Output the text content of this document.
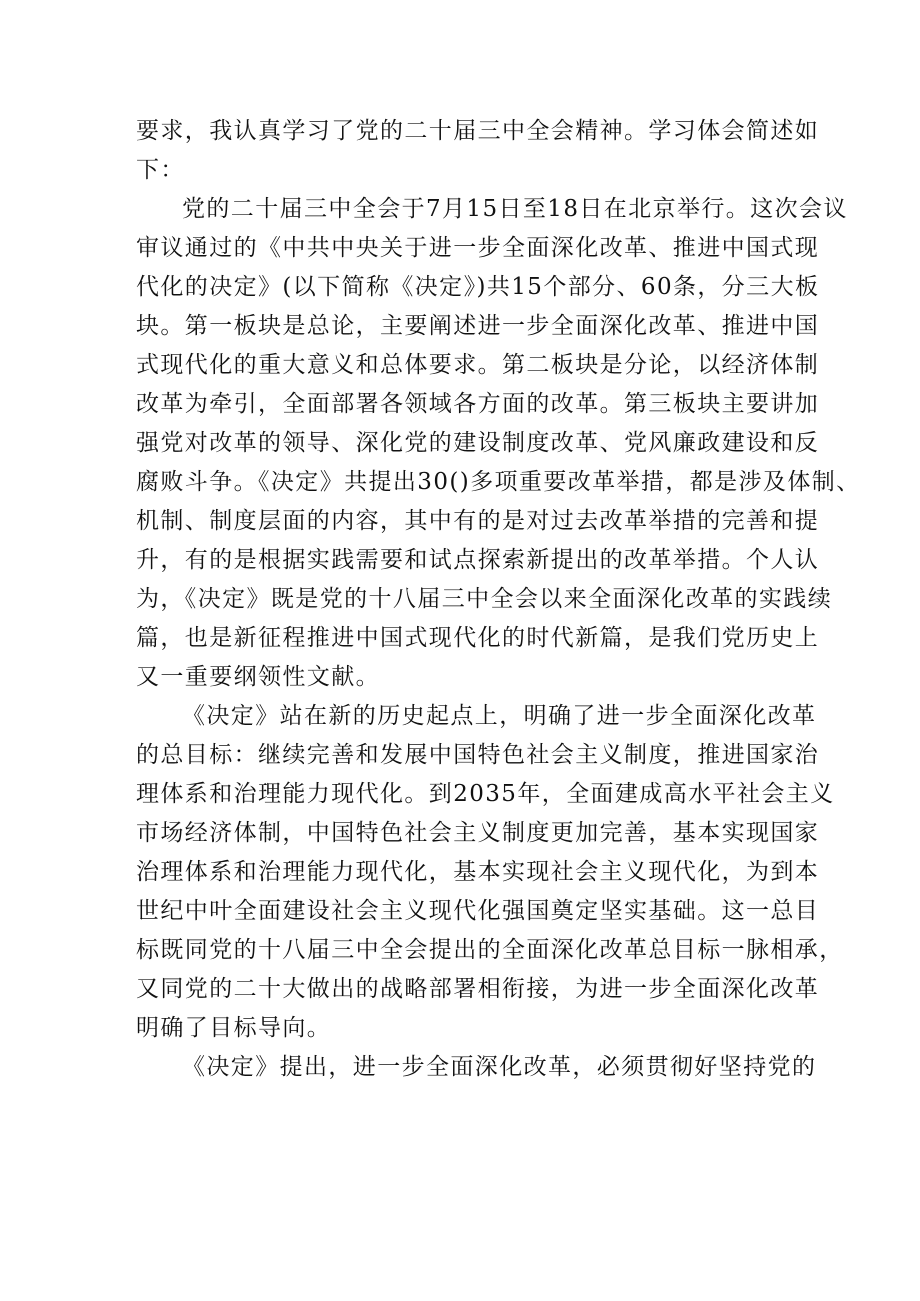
要求，我认真学习了党的二十届三中全会精神。学习体会简述如
下：

党的二十届三中全会于7月15日至18日在北京举行。这次会议
审议通过的《中共中央关于进一步全面深化改革、推进中国式现
代化的决定》(以下简称《决定》)共15个部分、60条，分三大板
块。第一板块是总论，主要阐述进一步全面深化改革、推进中国
式现代化的重大意义和总体要求。第二板块是分论，以经济体制
改革为牵引，全面部署各领域各方面的改革。第三板块主要讲加
强党对改革的领导、深化党的建设制度改革、党风廉政建设和反
腐败斗争。《决定》共提出30()多项重要改革举措，都是涉及体制、
机制、制度层面的内容，其中有的是对过去改革举措的完善和提
升，有的是根据实践需要和试点探索新提出的改革举措。个人认
为，《决定》既是党的十八届三中全会以来全面深化改革的实践续
篇，也是新征程推进中国式现代化的时代新篇，是我们党历史上
又一重要纲领性文献。

《决定》站在新的历史起点上，明确了进一步全面深化改革
的总目标：继续完善和发展中国特色社会主义制度，推进国家治
理体系和治理能力现代化。到2035年，全面建成高水平社会主义
市场经济体制，中国特色社会主义制度更加完善，基本实现国家
治理体系和治理能力现代化，基本实现社会主义现代化，为到本
世纪中叶全面建设社会主义现代化强国奠定坚实基础。这一总目
标既同党的十八届三中全会提出的全面深化改革总目标一脉相承，
又同党的二十大做出的战略部署相衔接，为进一步全面深化改革
明确了目标导向。

《决定》提出，进一步全面深化改革，必须贯彻好坚持党的
